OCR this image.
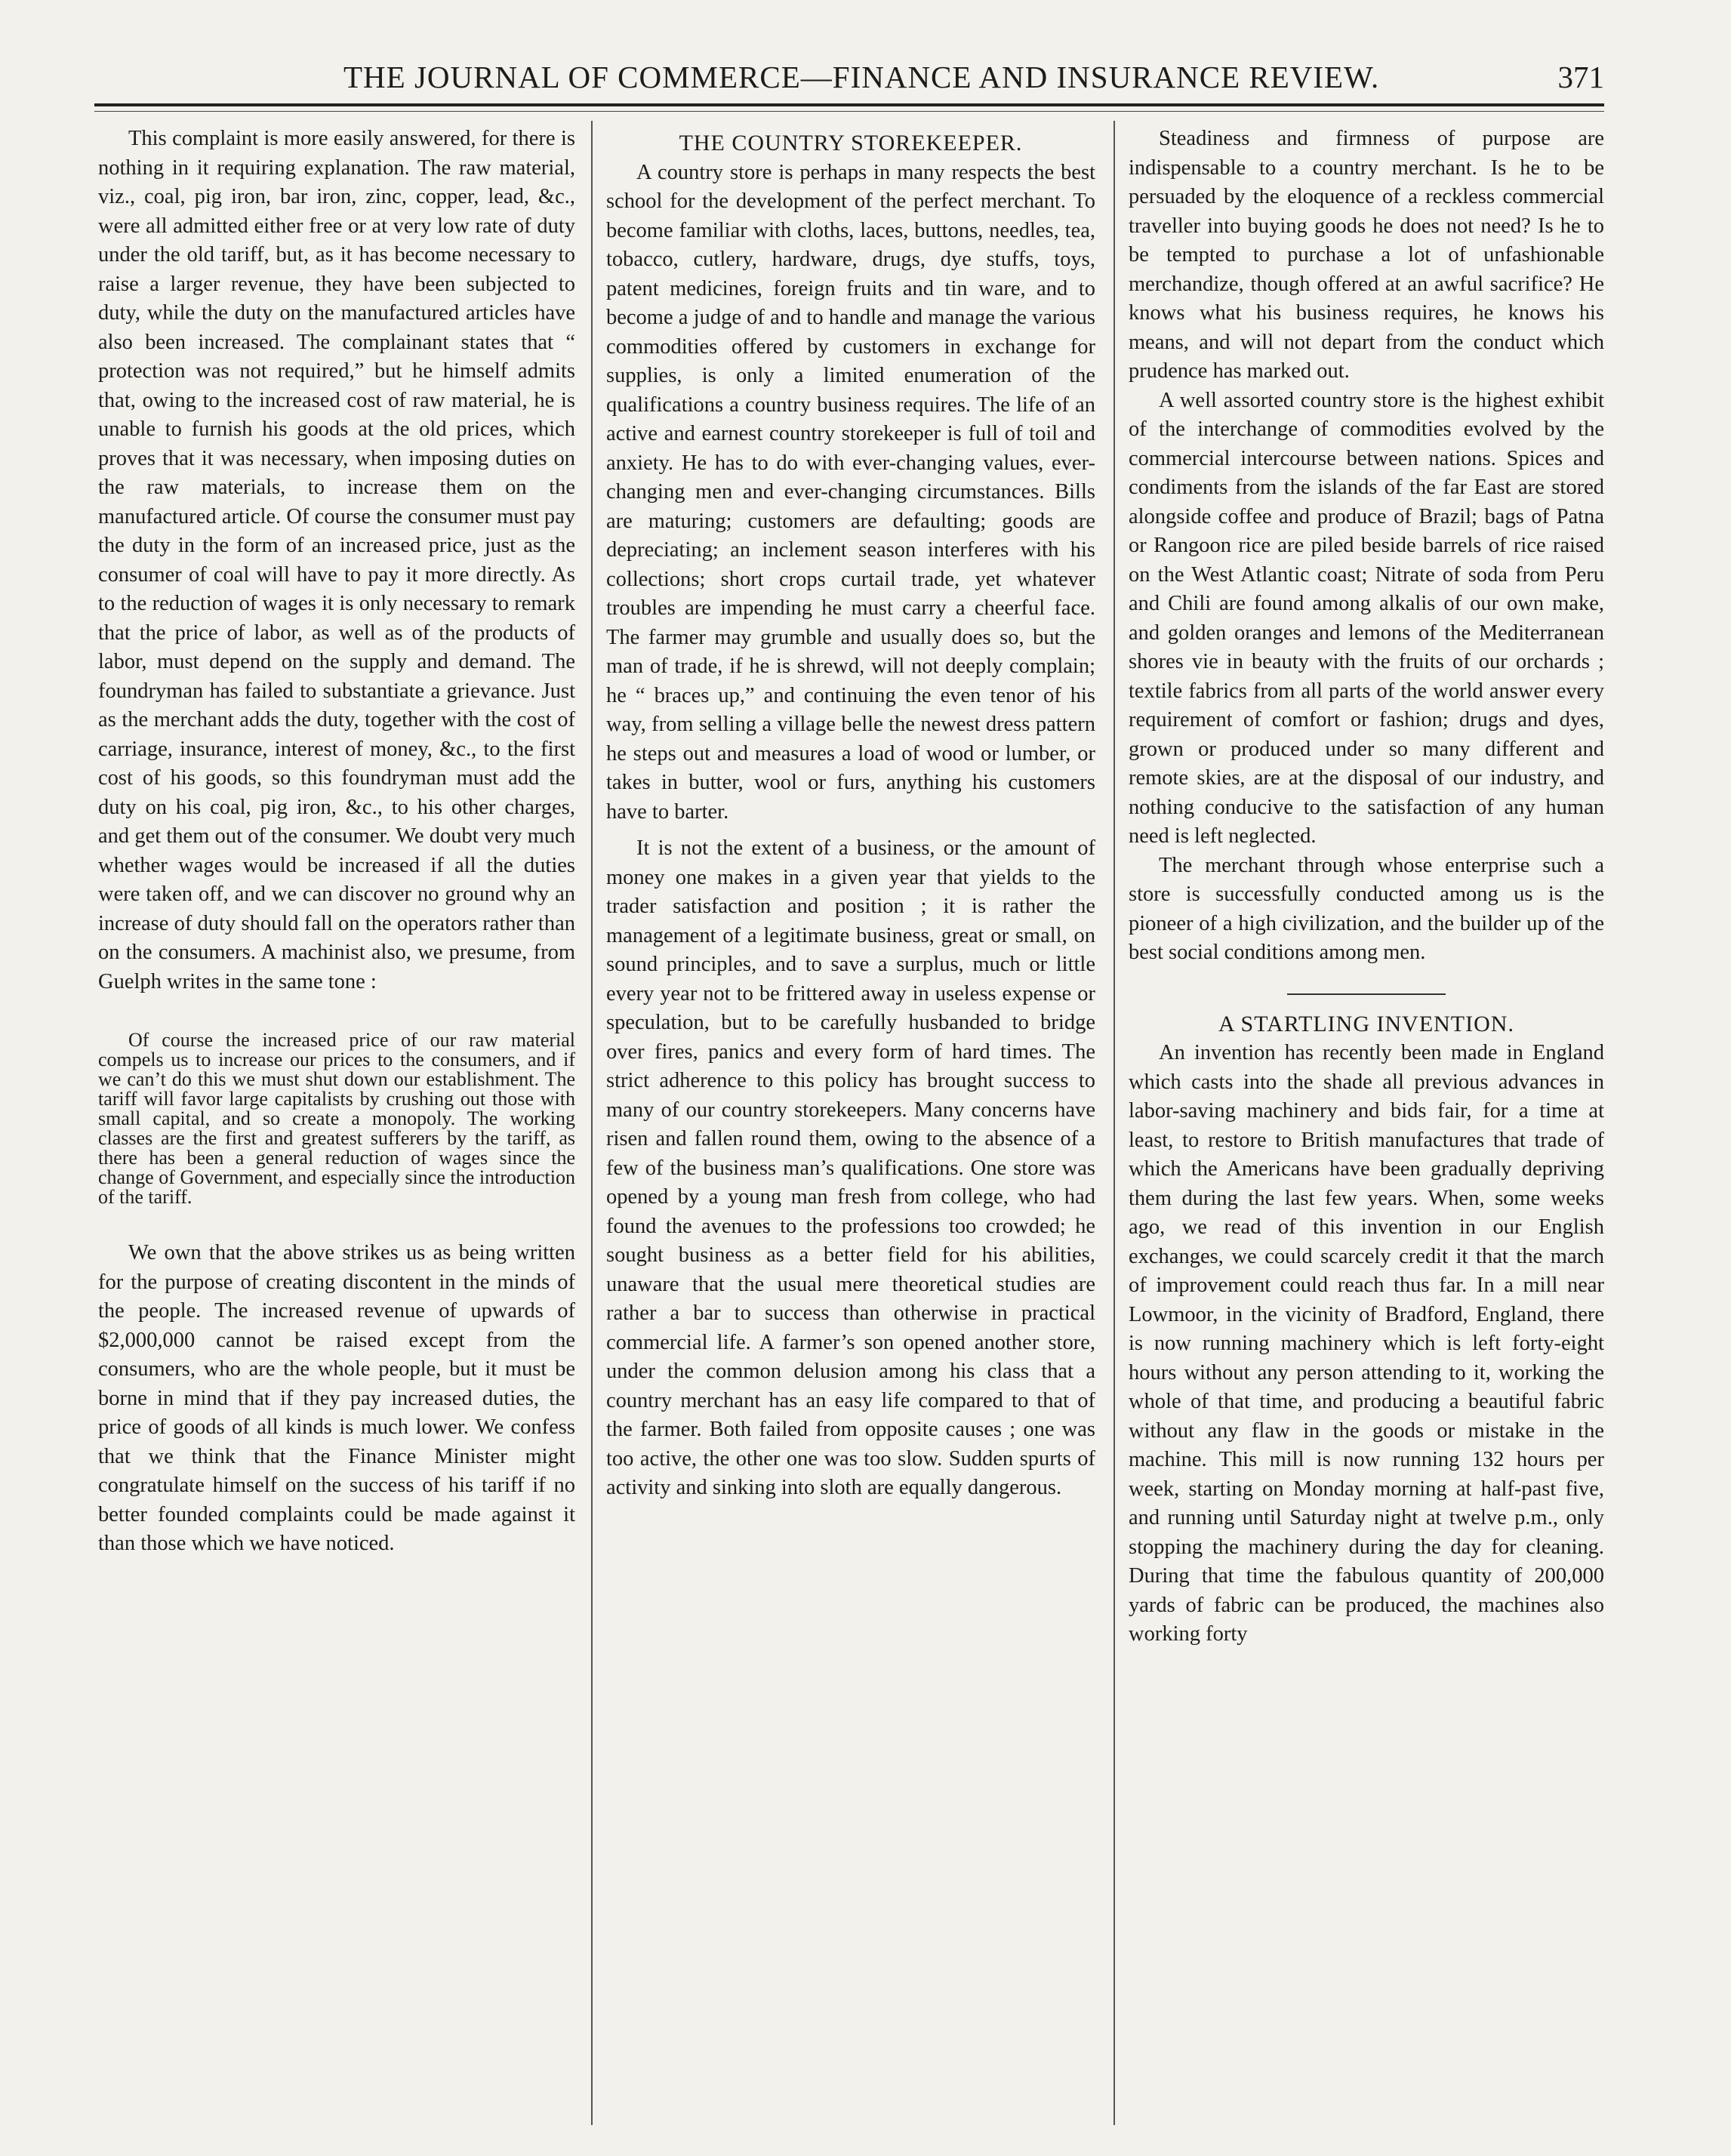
THE JOURNAL OF COMMERCE—FINANCE AND INSURANCE REVIEW.	371

This complaint is more easily answered, for there is nothing in it requiring explanation. The raw material, viz., coal, pig iron, bar iron, zinc, copper, lead, &c., were all admitted either free or at very low rate of duty under the old tariff, but, as it has become necessary to raise a larger revenue, they have been subjected to duty, while the duty on the manufactured articles have also been increased. The complainant states that “ protection was not required,” but he himself admits that, owing to the increased cost of raw material, he is unable to furnish his goods at the old prices, which proves that it was necessary, when imposing duties on the raw materials, to increase them on the manufactured article. Of course the consumer must pay the duty in the form of an increased price, just as the consumer of coal will have to pay it more directly. As to the reduction of wages it is only necessary to remark that the price of labor, as well as of the products of labor, must depend on the supply and demand. The foundryman has failed to substantiate a grievance. Just as the merchant adds the duty, together with the cost of carriage, insurance, interest of money, &c., to the first cost of his goods, so this foundryman must add the duty on his coal, pig iron, &c., to his other charges, and get them out of the consumer. We doubt very much whether wages would be increased if all the duties were taken off, and we can discover no ground why an increase of duty should fall on the operators rather than on the consumers. A machinist also, we presume, from Guelph writes in the same tone :

Of course the increased price of our raw material compels us to increase our prices to the consumers, and if we can’t do this we must shut down our establishment. The tariff will favor large capitalists by crushing out those with small capital, and so create a monopoly. The working classes are the first and greatest sufferers by the tariff, as there has been a general reduction of wages since the change of Government, and especially since the introduction of the tariff.

We own that the above strikes us as being written for the purpose of creating discontent in the minds of the people. The increased revenue of upwards of $2,000,000 cannot be raised except from the consumers, who are the whole people, but it must be borne in mind that if they pay increased duties, the price of goods of all kinds is much lower. We confess that we think that the Finance Minister might congratulate himself on the success of his tariff if no better founded complaints could be made against it than those which we have noticed.

THE COUNTRY STOREKEEPER.

A country store is perhaps in many respects the best school for the development of the perfect merchant. To become familiar with cloths, laces, buttons, needles, tea, tobacco, cutlery, hardware, drugs, dye stuffs, toys, patent medicines, foreign fruits and tin ware, and to become a judge of and to handle and manage the various commodities offered by customers in exchange for supplies, is only a limited enumeration of the qualifications a country business requires. The life of an active and earnest country storekeeper is full of toil and anxiety. He has to do with ever-changing values, ever-changing men and ever-changing circumstances. Bills are maturing; customers are defaulting; goods are depreciating; an inclement season interferes with his collections; short crops curtail trade, yet whatever troubles are impending he must carry a cheerful face. The farmer may grumble and usually does so, but the man of trade, if he is shrewd, will not deeply complain; he “ braces up,” and continuing the even tenor of his way, from selling a village belle the newest dress pattern he steps out and measures a load of wood or lumber, or takes in butter, wool or furs, anything his customers have to barter.

It is not the extent of a business, or the amount of money one makes in a given year that yields to the trader satisfaction and position ; it is rather the management of a legitimate business, great or small, on sound principles, and to save a surplus, much or little every year not to be frittered away in useless expense or speculation, but to be carefully husbanded to bridge over fires, panics and every form of hard times. The strict adherence to this policy has brought success to many of our country storekeepers. Many concerns have risen and fallen round them, owing to the absence of a few of the business man’s qualifications. One store was opened by a young man fresh from college, who had found the avenues to the professions too crowded; he sought business as a better field for his abilities, unaware that the usual mere theoretical studies are rather a bar to success than otherwise in practical commercial life. A farmer’s son opened another store, under the common delusion among his class that a country merchant has an easy life compared to that of the farmer. Both failed from opposite causes ; one was too active, the other one was too slow. Sudden spurts of activity and sinking into sloth are equally dangerous.

Steadiness and firmness of purpose are indispensable to a country merchant. Is he to be persuaded by the eloquence of a reckless commercial traveller into buying goods he does not need? Is he to be tempted to purchase a lot of unfashionable merchandize, though offered at an awful sacrifice? He knows what his business requires, he knows his means, and will not depart from the conduct which prudence has marked out.

A well assorted country store is the highest exhibit of the interchange of commodities evolved by the commercial intercourse between nations. Spices and condiments from the islands of the far East are stored alongside coffee and produce of Brazil; bags of Patna or Rangoon rice are piled beside barrels of rice raised on the West Atlantic coast; Nitrate of soda from Peru and Chili are found among alkalis of our own make, and golden oranges and lemons of the Mediterranean shores vie in beauty with the fruits of our orchards ; textile fabrics from all parts of the world answer every requirement of comfort or fashion; drugs and dyes, grown or produced under so many different and remote skies, are at the disposal of our industry, and nothing conducive to the satisfaction of any human need is left neglected.

The merchant through whose enterprise such a store is successfully conducted among us is the pioneer of a high civilization, and the builder up of the best social conditions among men.

A STARTLING INVENTION.

An invention has recently been made in England which casts into the shade all previous advances in labor-saving machinery and bids fair, for a time at least, to restore to British manufactures that trade of which the Americans have been gradually depriving them during the last few years. When, some weeks ago, we read of this invention in our English exchanges, we could scarcely credit it that the march of improvement could reach thus far. In a mill near Lowmoor, in the vicinity of Bradford, England, there is now running machinery which is left forty-eight hours without any person attending to it, working the whole of that time, and producing a beautiful fabric without any flaw in the goods or mistake in the machine. This mill is now running 132 hours per week, starting on Monday morning at half-past five, and running until Saturday night at twelve p.m., only stopping the machinery during the day for cleaning. During that time the fabulous quantity of 200,000 yards of fabric can be produced, the machines also working forty
